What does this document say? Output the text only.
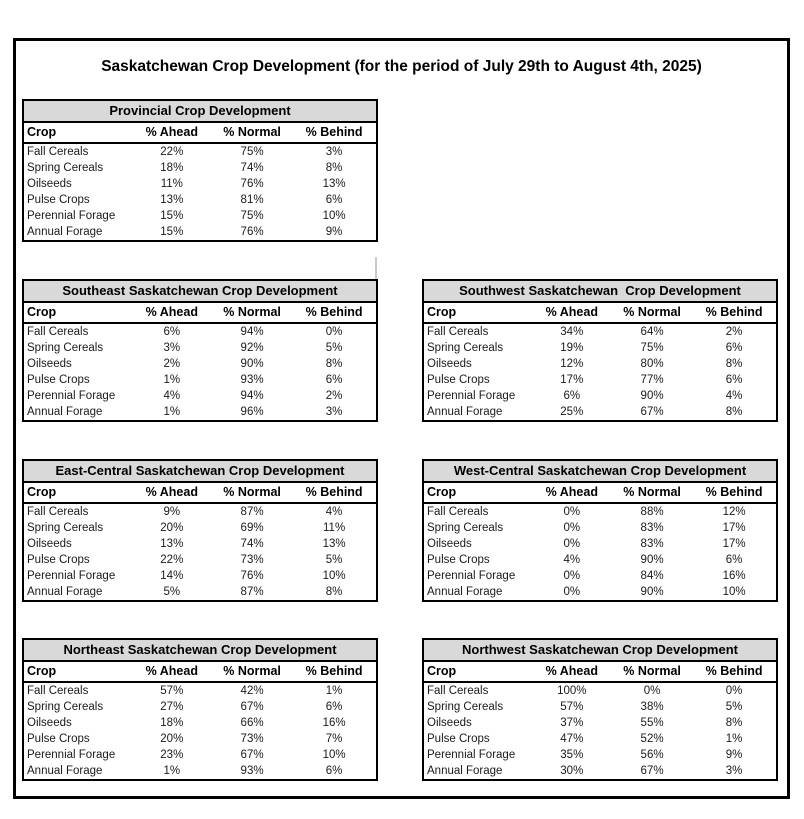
Saskatchewan Crop Development (for the period of July 29th to August 4th, 2025)
Provincial Crop Development
Crop	% Ahead	% Normal	% Behind
Fall Cereals	22%	75%	3%
Spring Cereals	18%	74%	8%
Oilseeds	11%	76%	13%
Pulse Crops	13%	81%	6%
Perennial Forage	15%	75%	10%
Annual Forage	15%	76%	9%
Southeast Saskatchewan Crop Development
Crop	% Ahead	% Normal	% Behind
Fall Cereals	6%	94%	0%
Spring Cereals	3%	92%	5%
Oilseeds	2%	90%	8%
Pulse Crops	1%	93%	6%
Perennial Forage	4%	94%	2%
Annual Forage	1%	96%	3%
Southwest Saskatchewan  Crop Development
Crop	% Ahead	% Normal	% Behind
Fall Cereals	34%	64%	2%
Spring Cereals	19%	75%	6%
Oilseeds	12%	80%	8%
Pulse Crops	17%	77%	6%
Perennial Forage	6%	90%	4%
Annual Forage	25%	67%	8%
East-Central Saskatchewan Crop Development
Crop	% Ahead	% Normal	% Behind
Fall Cereals	9%	87%	4%
Spring Cereals	20%	69%	11%
Oilseeds	13%	74%	13%
Pulse Crops	22%	73%	5%
Perennial Forage	14%	76%	10%
Annual Forage	5%	87%	8%
West-Central Saskatchewan Crop Development
Crop	% Ahead	% Normal	% Behind
Fall Cereals	0%	88%	12%
Spring Cereals	0%	83%	17%
Oilseeds	0%	83%	17%
Pulse Crops	4%	90%	6%
Perennial Forage	0%	84%	16%
Annual Forage	0%	90%	10%
Northeast Saskatchewan Crop Development
Crop	% Ahead	% Normal	% Behind
Fall Cereals	57%	42%	1%
Spring Cereals	27%	67%	6%
Oilseeds	18%	66%	16%
Pulse Crops	20%	73%	7%
Perennial Forage	23%	67%	10%
Annual Forage	1%	93%	6%
Northwest Saskatchewan Crop Development
Crop	% Ahead	% Normal	% Behind
Fall Cereals	100%	0%	0%
Spring Cereals	57%	38%	5%
Oilseeds	37%	55%	8%
Pulse Crops	47%	52%	1%
Perennial Forage	35%	56%	9%
Annual Forage	30%	67%	3%
